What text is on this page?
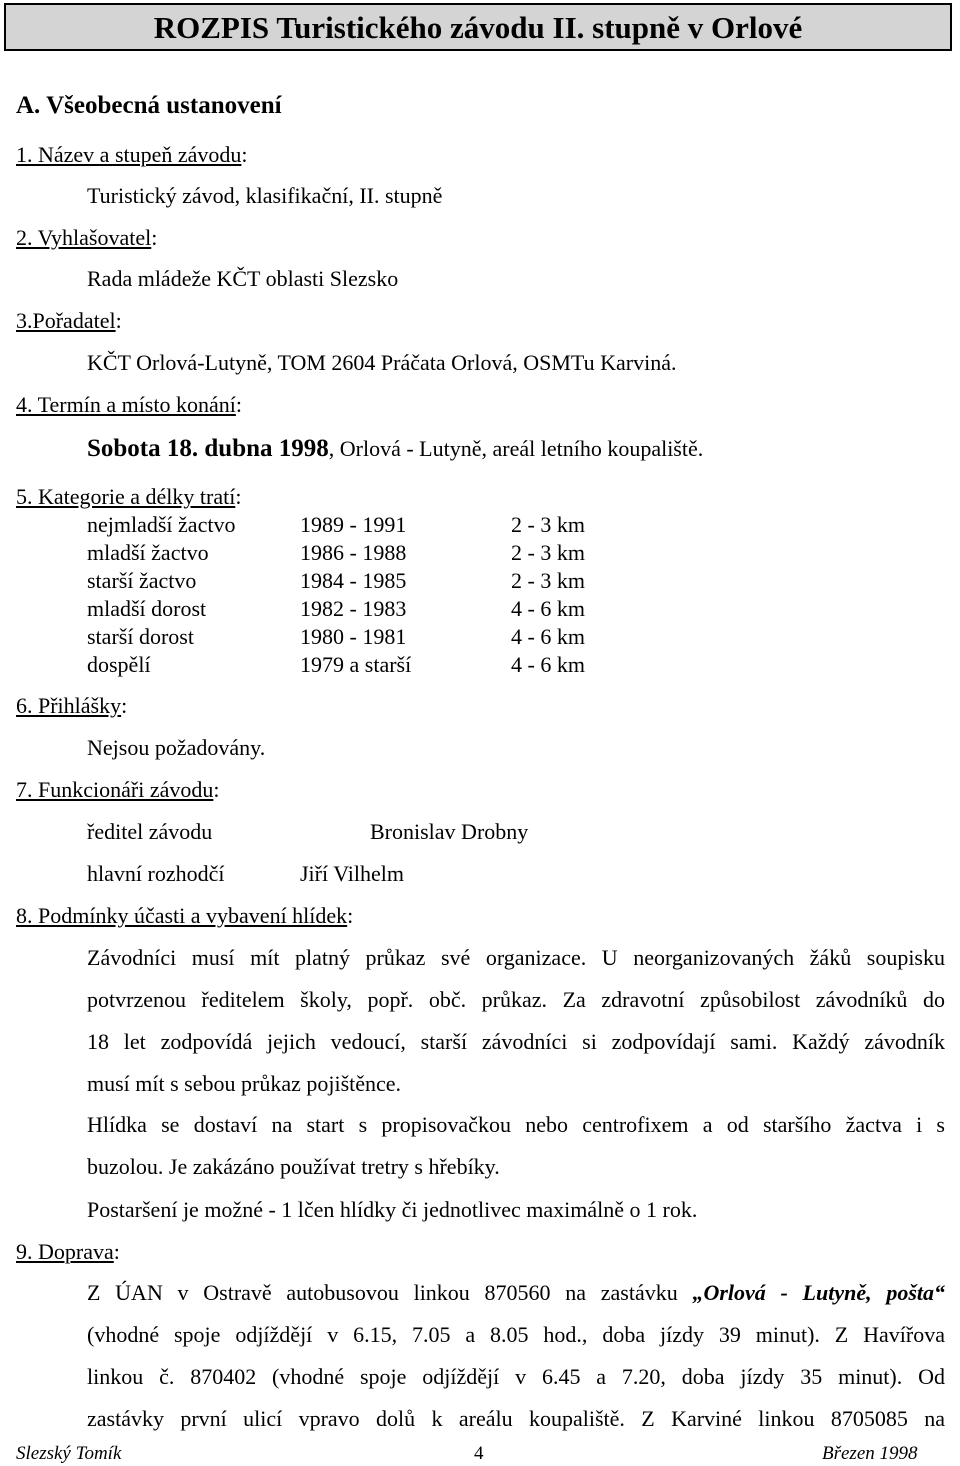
ROZPIS Turistického závodu II. stupně v Orlové
A. Všeobecná ustanovení
1. Název a stupeň závodu:
Turistický závod, klasifikační, II. stupně
2. Vyhlašovatel:
Rada mládeže KČT oblasti Slezsko
3.Pořadatel:
KČT Orlová-Lutyně, TOM 2604 Práčata Orlová, OSMTu Karviná.
4. Termín a místo konání:
Sobota 18. dubna 1998, Orlová - Lutyně, areál letního koupaliště.
5. Kategorie a délky tratí:
nejmladší žactvo	1989 - 1991	2 - 3 km
mladší žactvo	1986 - 1988	2 - 3 km
starší žactvo	1984 - 1985	2 - 3 km
mladší dorost	1982 - 1983	4 - 6 km
starší dorost	1980 - 1981	4 - 6 km
dospělí	1979 a starší	4 - 6 km
6. Přihlášky:
Nejsou požadovány.
7. Funkcionáři závodu:
ředitel závodu	Bronislav Drobny
hlavní rozhodčí	Jiří Vilhelm
8. Podmínky účasti a vybavení hlídek:
Závodníci musí mít platný průkaz své organizace. U neorganizovaných žáků soupisku
potvrzenou ředitelem školy, popř. obč. průkaz. Za zdravotní způsobilost závodníků do
18 let zodpovídá jejich vedoucí, starší závodníci si zodpovídají sami. Každý závodník
musí mít s sebou průkaz pojištěnce.
Hlídka se dostaví na start s propisovačkou nebo centrofixem a od staršího žactva i s
buzolou. Je zakázáno používat tretry s hřebíky.
Postaršení je možné - 1 lčen hlídky či jednotlivec maximálně o 1 rok.
9. Doprava:
Z ÚAN v Ostravě autobusovou linkou 870560 na zastávku „Orlová - Lutyně, pošta“
(vhodné spoje odjíždějí v 6.15, 7.05 a 8.05 hod., doba jízdy 39 minut). Z Havířova
linkou č. 870402 (vhodné spoje odjíždějí v 6.45 a 7.20, doba jízdy 35 minut). Od
zastávky první ulicí vpravo dolů k areálu koupaliště. Z Karviné linkou 8705085 na
Slezský Tomík	4	Březen 1998
